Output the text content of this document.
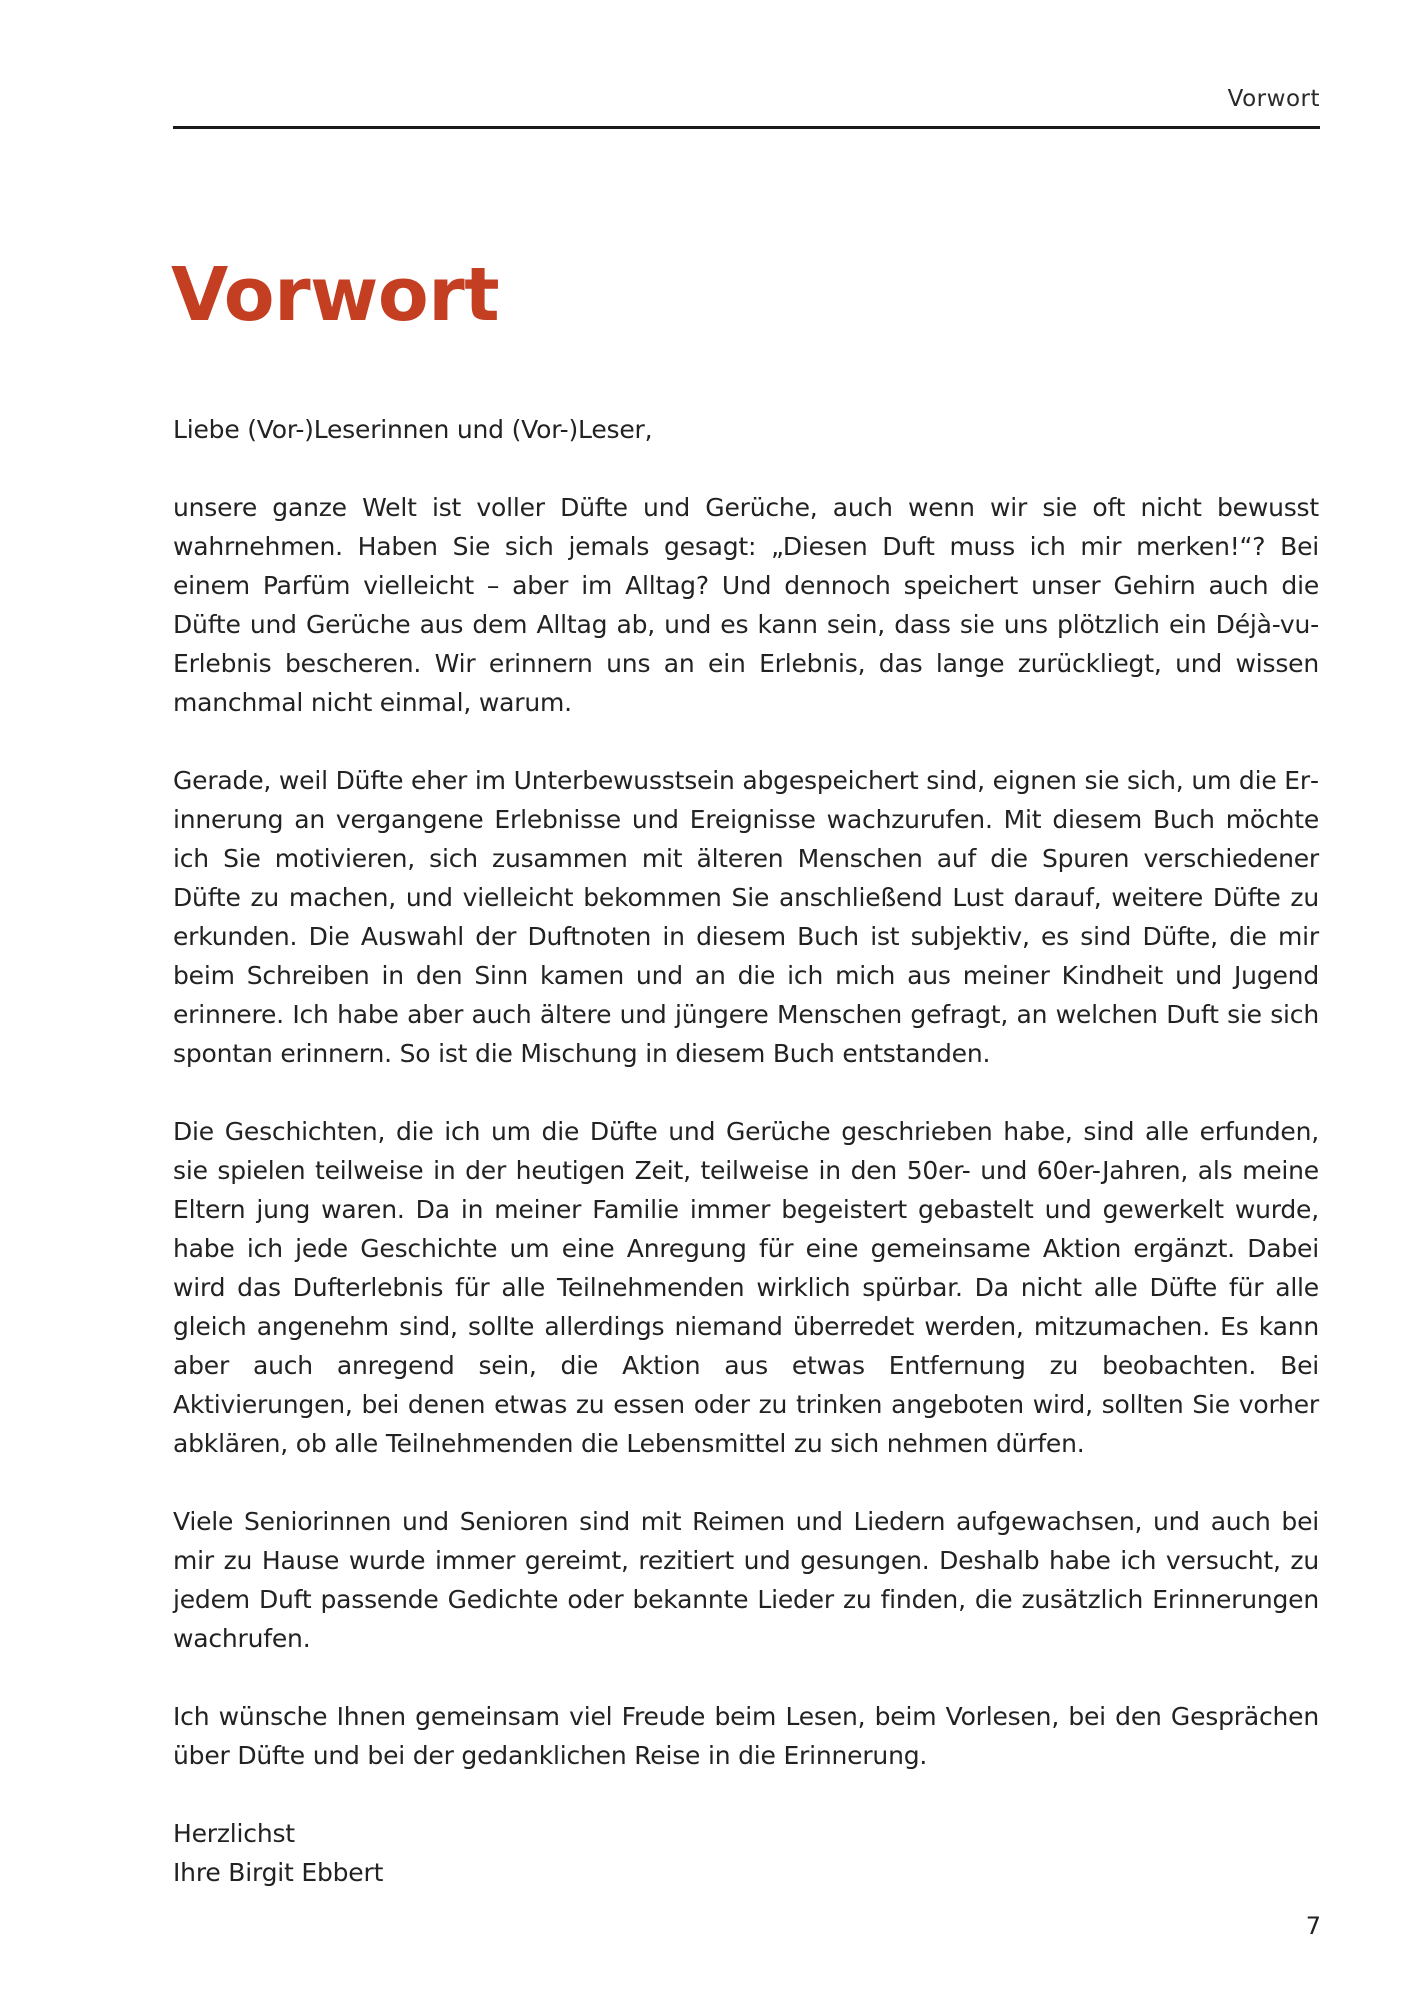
Vorwort
Vorwort

Liebe (Vor-)Leserinnen und (Vor-)Leser,

unsere ganze Welt ist voller Düfte und Gerüche, auch wenn wir sie oft nicht bewusst wahrnehmen. Haben Sie sich jemals gesagt: „Diesen Duft muss ich mir merken!“? Bei einem Parfüm vielleicht – aber im Alltag? Und dennoch speichert unser Gehirn auch die Düfte und Gerüche aus dem Alltag ab, und es kann sein, dass sie uns plötzlich ein Déjà-vu-Erlebnis bescheren. Wir erinnern uns an ein Erlebnis, das lange zurückliegt, und wissen manchmal nicht einmal, warum.

Gerade, weil Düfte eher im Unterbewusstsein abgespeichert sind, eignen sie sich, um die Erinnerung an vergangene Erlebnisse und Ereignisse wachzurufen. Mit diesem Buch möchte ich Sie motivieren, sich zusammen mit älteren Menschen auf die Spuren verschiedener Düfte zu machen, und vielleicht bekommen Sie anschließend Lust darauf, weitere Düfte zu erkunden. Die Auswahl der Duftnoten in diesem Buch ist subjektiv, es sind Düfte, die mir beim Schreiben in den Sinn kamen und an die ich mich aus meiner Kindheit und Jugend erinnere. Ich habe aber auch ältere und jüngere Menschen gefragt, an welchen Duft sie sich spontan erinnern. So ist die Mischung in diesem Buch entstanden.

Die Geschichten, die ich um die Düfte und Gerüche geschrieben habe, sind alle erfunden, sie spielen teilweise in der heutigen Zeit, teilweise in den 50er- und 60er-Jahren, als meine Eltern jung waren. Da in meiner Familie immer begeistert gebastelt und gewerkelt wurde, habe ich jede Geschichte um eine Anregung für eine gemeinsame Aktion ergänzt. Dabei wird das Dufterlebnis für alle Teilnehmenden wirklich spürbar. Da nicht alle Düfte für alle gleich angenehm sind, sollte allerdings niemand überredet werden, mitzumachen. Es kann aber auch anregend sein, die Aktion aus etwas Entfernung zu beobachten. Bei Aktivierungen, bei denen etwas zu essen oder zu trinken angeboten wird, sollten Sie vorher abklären, ob alle Teilnehmenden die Lebensmittel zu sich nehmen dürfen.

Viele Seniorinnen und Senioren sind mit Reimen und Liedern aufgewachsen, und auch bei mir zu Hause wurde immer gereimt, rezitiert und gesungen. Deshalb habe ich versucht, zu jedem Duft passende Gedichte oder bekannte Lieder zu finden, die zusätzlich Erinnerungen wachrufen.

Ich wünsche Ihnen gemeinsam viel Freude beim Lesen, beim Vorlesen, bei den Gesprächen über Düfte und bei der gedanklichen Reise in die Erinnerung.

Herzlichst
Ihre Birgit Ebbert

7
